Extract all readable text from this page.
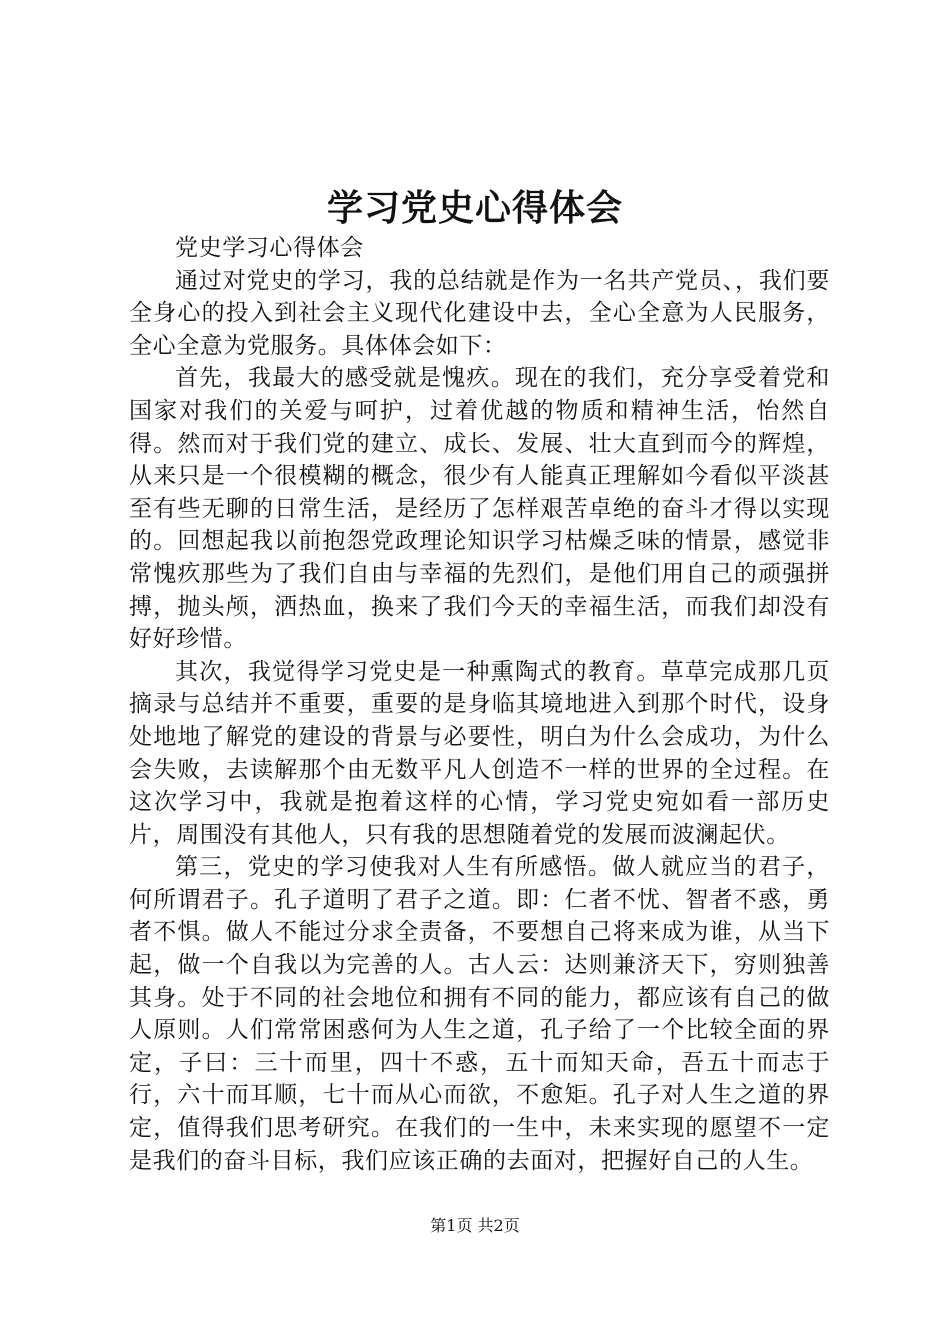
学习党史心得体会

党史学习心得体会

通过对党史的学习，我的总结就是作为一名共产党员、，我们要全身心的投入到社会主义现代化建设中去，全心全意为人民服务，全心全意为党服务。具体体会如下：

首先，我最大的感受就是愧疚。现在的我们，充分享受着党和国家对我们的关爱与呵护，过着优越的物质和精神生活，怡然自得。然而对于我们党的建立、成长、发展、壮大直到而今的辉煌，从来只是一个很模糊的概念，很少有人能真正理解如今看似平淡甚至有些无聊的日常生活，是经历了怎样艰苦卓绝的奋斗才得以实现的。回想起我以前抱怨党政理论知识学习枯燥乏味的情景，感觉非常愧疚那些为了我们自由与幸福的先烈们，是他们用自己的顽强拼搏，抛头颅，洒热血，换来了我们今天的幸福生活，而我们却没有好好珍惜。

其次，我觉得学习党史是一种熏陶式的教育。草草完成那几页摘录与总结并不重要，重要的是身临其境地进入到那个时代，设身处地地了解党的建设的背景与必要性，明白为什么会成功，为什么会失败，去读解那个由无数平凡人创造不一样的世界的全过程。在这次学习中，我就是抱着这样的心情，学习党史宛如看一部历史片，周围没有其他人，只有我的思想随着党的发展而波澜起伏。

第三，党史的学习使我对人生有所感悟。做人就应当的君子，何所谓君子。孔子道明了君子之道。即：仁者不忧、智者不惑，勇者不惧。做人不能过分求全责备，不要想自己将来成为谁，从当下起，做一个自我以为完善的人。古人云：达则兼济天下，穷则独善其身。处于不同的社会地位和拥有不同的能力，都应该有自己的做人原则。人们常常困惑何为人生之道，孔子给了一个比较全面的界定，子曰：三十而里，四十不惑，五十而知天命，吾五十而志于行，六十而耳顺，七十而从心而欲，不愈矩。孔子对人生之道的界定，值得我们思考研究。在我们的一生中，未来实现的愿望不一定是我们的奋斗目标，我们应该正确的去面对，把握好自己的人生。

第1页 共2页
